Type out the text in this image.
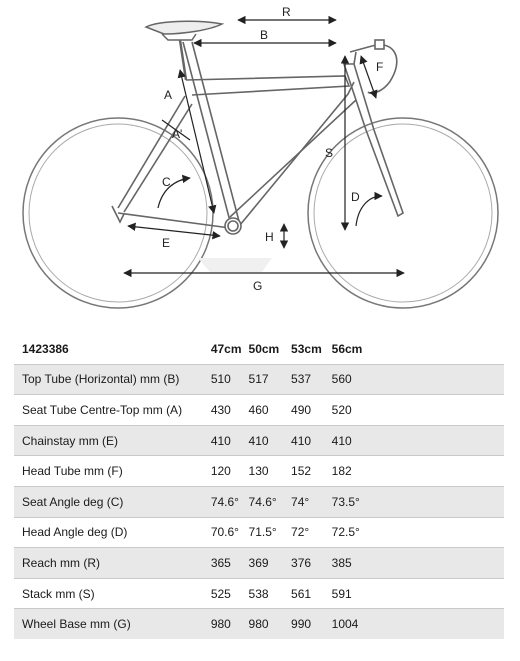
R
B
A
A'
F
C
S
D
E	H
G
1423386	47cm	50cm	53cm	56cm
Top Tube (Horizontal) mm (B)	510	517	537	560
Seat Tube Centre-Top mm (A)	430	460	490	520
Chainstay mm (E)	410	410	410	410
Head Tube mm (F)	120	130	152	182
Seat Angle deg (C)	74.6°	74.6°	74°	73.5°
Head Angle deg (D)	70.6°	71.5°	72°	72.5°
Reach mm (R)	365	369	376	385
Stack mm (S)	525	538	561	591
Wheel Base mm (G)	980	980	990	1004
